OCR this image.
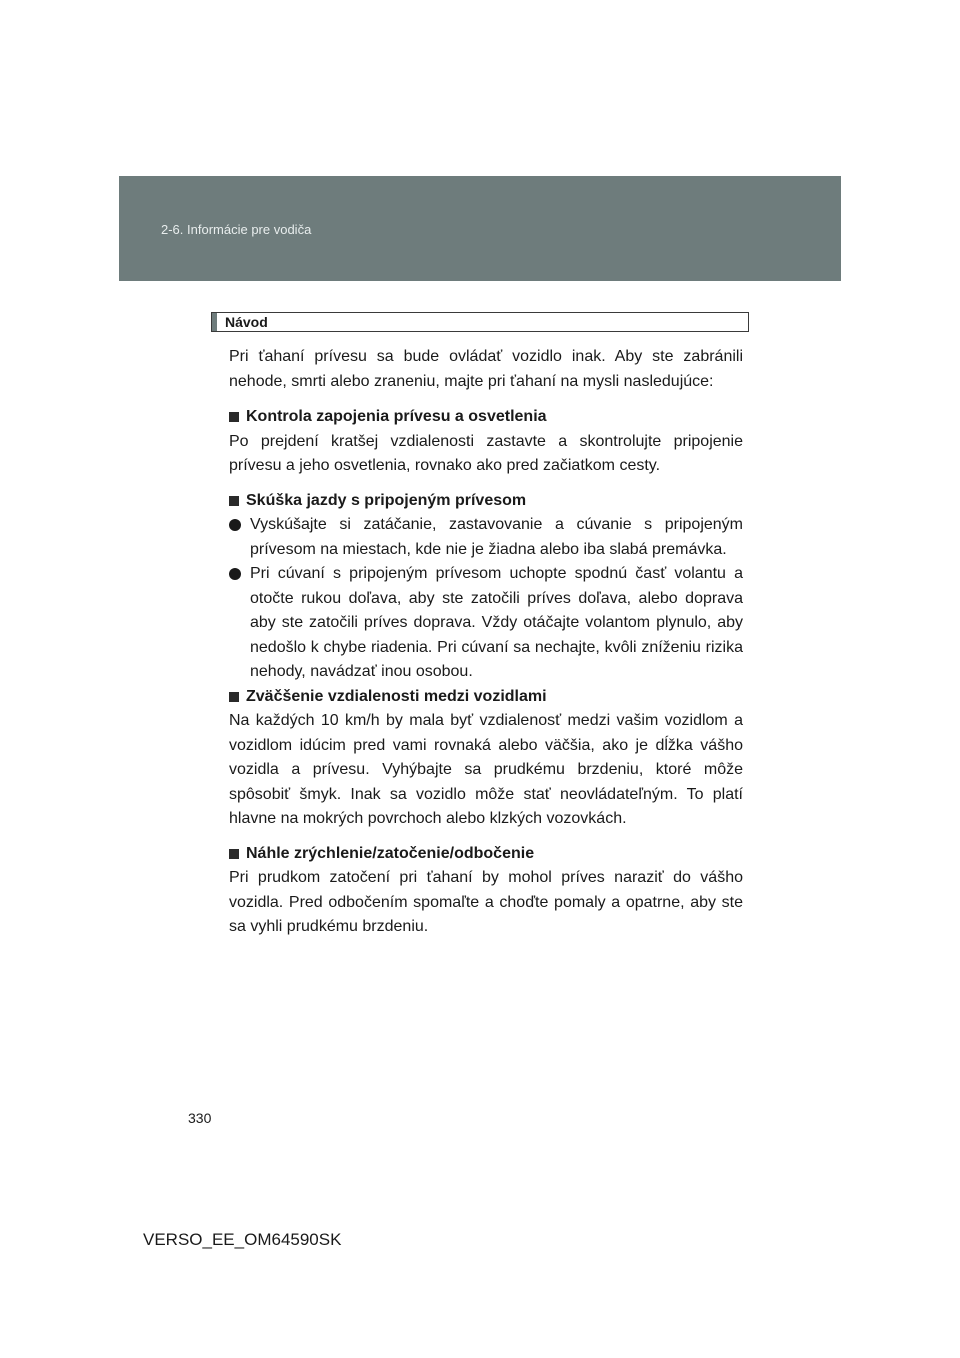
2-6. Informácie pre vodiča
Návod

Pri ťahaní prívesu sa bude ovládať vozidlo inak. Aby ste zabránili nehode, smrti alebo zraneniu, majte pri ťahaní na mysli nasledujúce:

Kontrola zapojenia prívesu a osvetlenia

Po prejdení kratšej vzdialenosti zastavte a skontrolujte pripojenie prívesu a jeho osvetlenia, rovnako ako pred začiatkom cesty.

Skúška jazdy s pripojeným prívesom

Vyskúšajte si zatáčanie, zastavovanie a cúvanie s pripojeným prívesom na miestach, kde nie je žiadna alebo iba slabá premávka.

Pri cúvaní s pripojeným prívesom uchopte spodnú časť volantu a otočte rukou doľava, aby ste zatočili príves doľava, alebo doprava aby ste zatočili príves doprava. Vždy otáčajte volantom plynulo, aby nedošlo k chybe riadenia. Pri cúvaní sa nechajte, kvôli zníženiu rizika nehody, navádzať inou osobou.

Zväčšenie vzdialenosti medzi vozidlami

Na každých 10 km/h by mala byť vzdialenosť medzi vašim vozidlom a vozidlom idúcim pred vami rovnaká alebo väčšia, ako je dĺžka vášho vozidla a prívesu. Vyhýbajte sa prudkému brzdeniu, ktoré môže spôsobiť šmyk. Inak sa vozidlo môže stať neovládateľným. To platí hlavne na mokrých povrchoch alebo klzkých vozovkách.

Náhle zrýchlenie/zatočenie/odbočenie

Pri prudkom zatočení pri ťahaní by mohol príves naraziť do vášho vozidla. Pred odbočením spomaľte a choďte pomaly a opatrne, aby ste sa vyhli prudkému brzdeniu.

330
VERSO_EE_OM64590SK
